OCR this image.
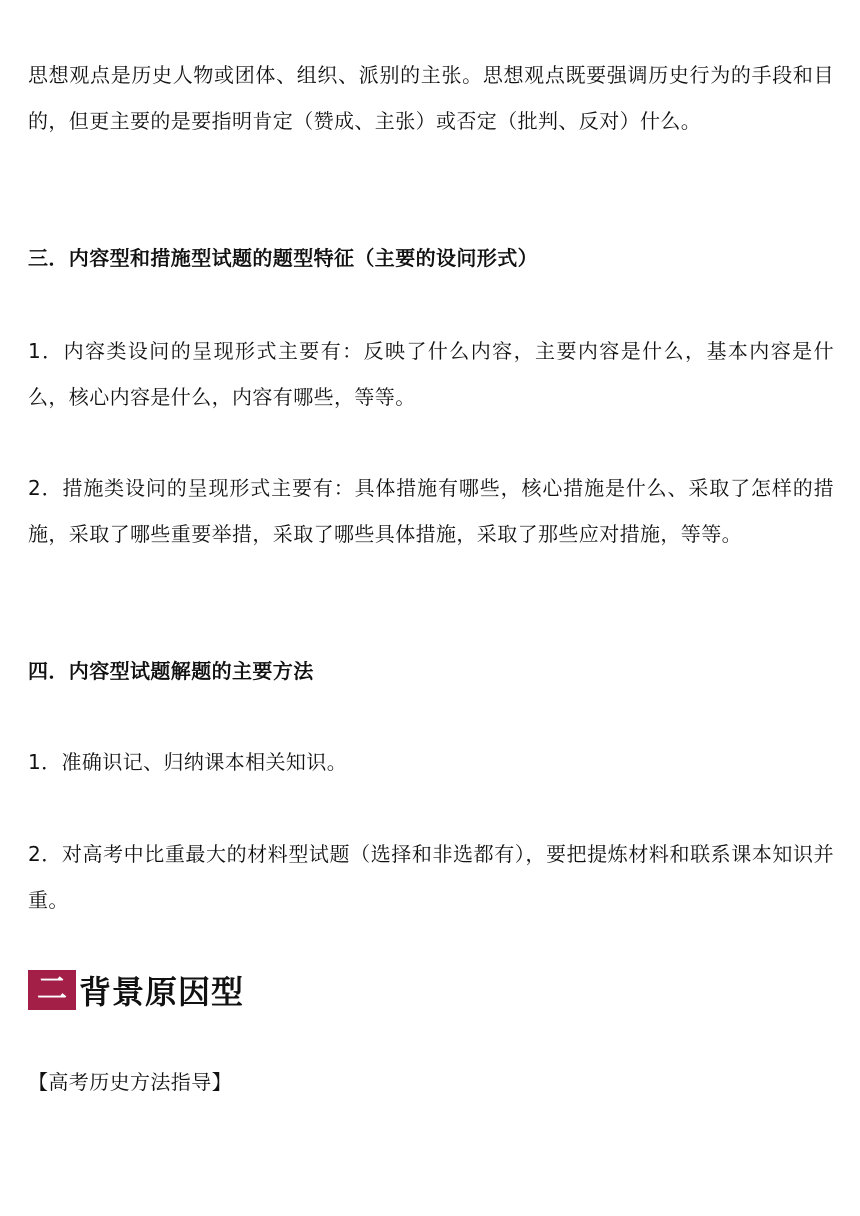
思想观点是历史人物或团体、组织、派别的主张。思想观点既要强调历史行为的手段和目的，但更主要的是要指明肯定（赞成、主张）或否定（批判、反对）什么。

三．内容型和措施型试题的题型特征（主要的设问形式）

1．内容类设问的呈现形式主要有：反映了什么内容，主要内容是什么，基本内容是什么，核心内容是什么，内容有哪些，等等。

2．措施类设问的呈现形式主要有：具体措施有哪些，核心措施是什么、采取了怎样的措施，采取了哪些重要举措，采取了哪些具体措施，采取了那些应对措施，等等。

四．内容型试题解题的主要方法

1．准确识记、归纳课本相关知识。

2．对高考中比重最大的材料型试题（选择和非选都有），要把提炼材料和联系课本知识并重。

二 背景原因型

【高考历史方法指导】
